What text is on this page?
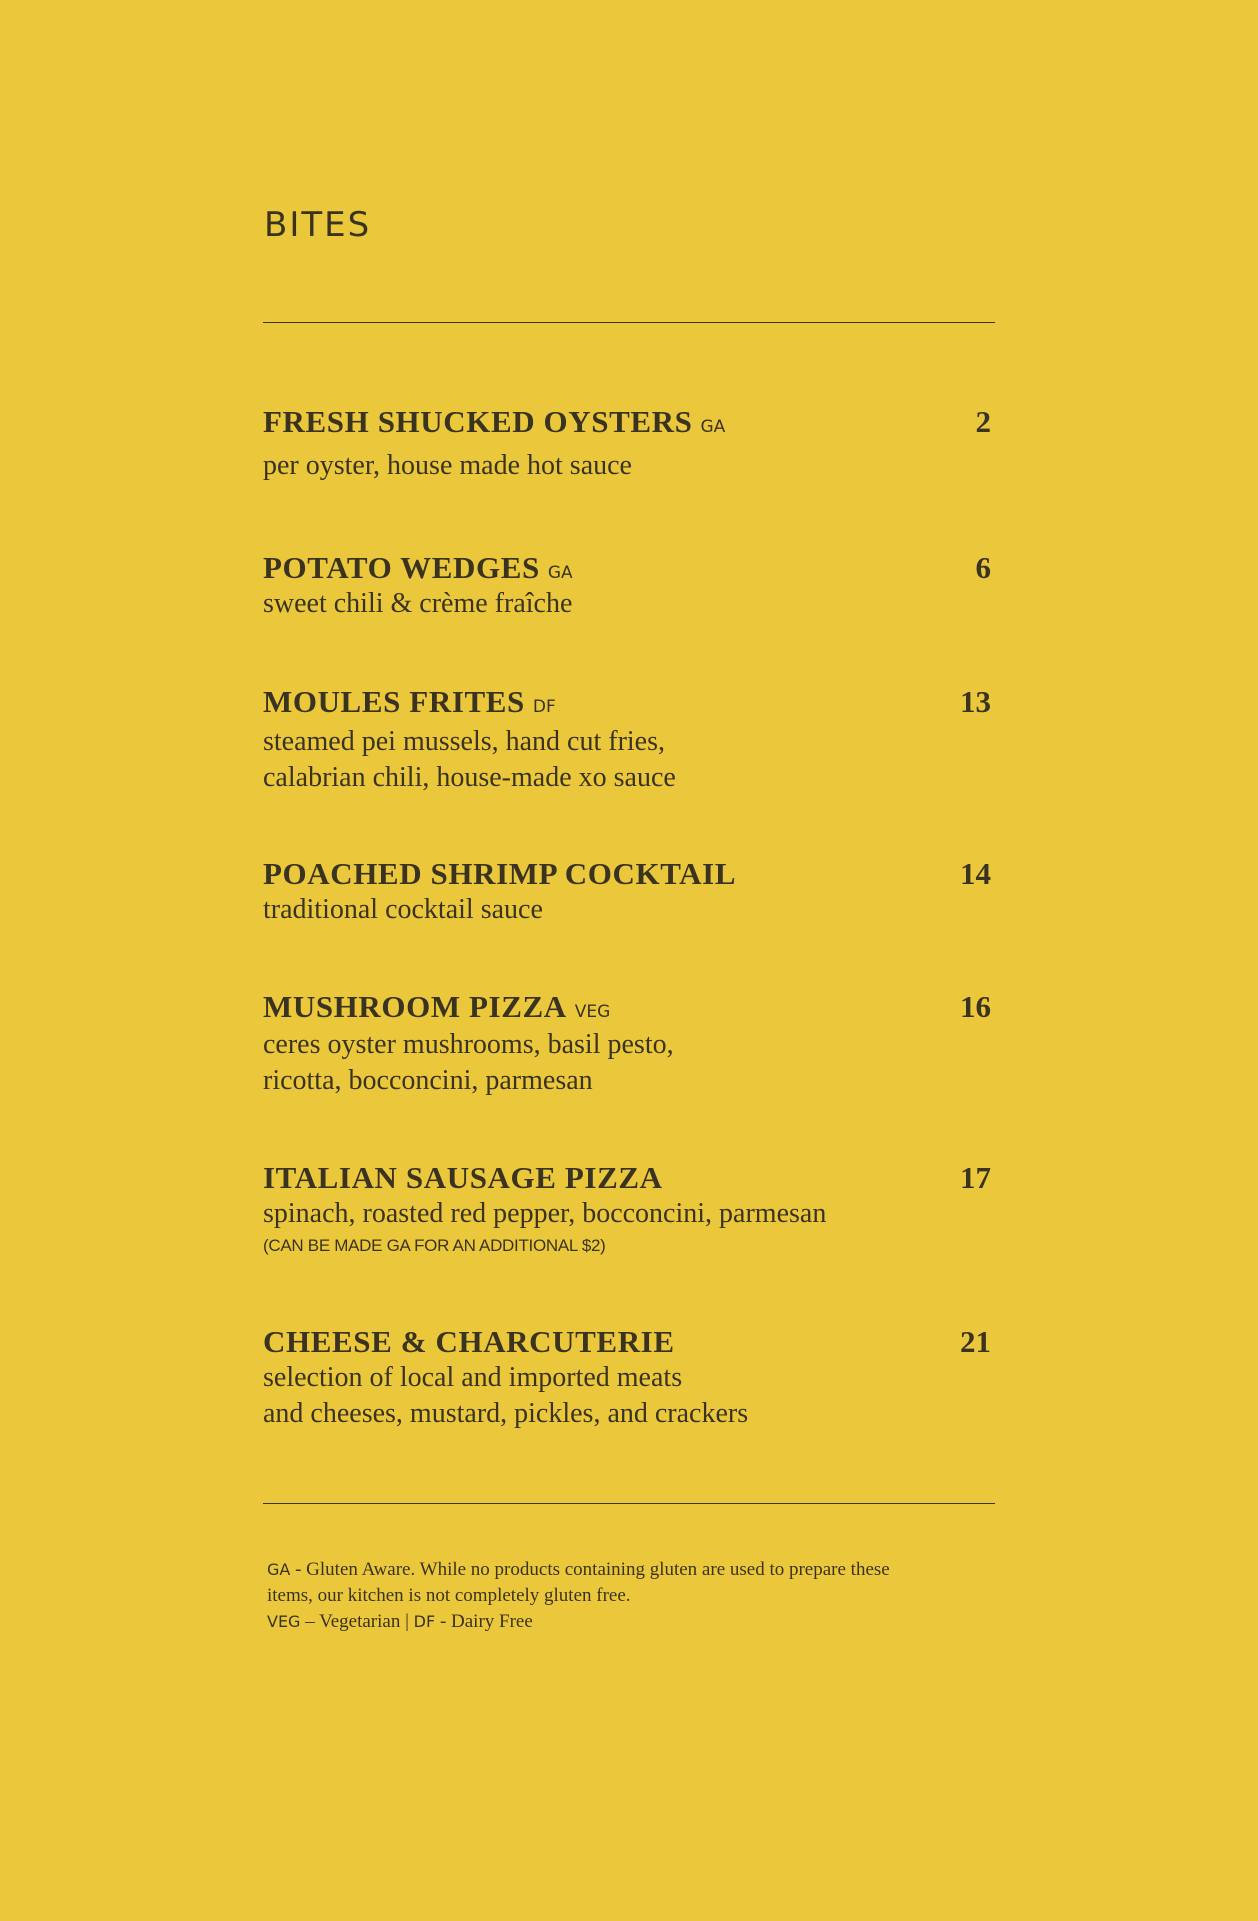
BITES
FRESH SHUCKED OYSTERS GA	2

per oyster, house made hot sauce

POTATO WEDGES GA	6

sweet chili & crème fraîche

MOULES FRITES DF	13

steamed pei mussels, hand cut fries,

calabrian chili, house-made xo sauce

POACHED SHRIMP COCKTAIL	14

traditional cocktail sauce

MUSHROOM PIZZA VEG	16

ceres oyster mushrooms, basil pesto,

ricotta, bocconcini, parmesan

ITALIAN SAUSAGE PIZZA	17

spinach, roasted red pepper, bocconcini, parmesan

(CAN BE MADE GA FOR AN ADDITIONAL $2)
CHEESE & CHARCUTERIE	21

selection of local and imported meats

and cheeses, mustard, pickles, and crackers

GA - Gluten Aware. While no products containing gluten are used to prepare these
items, our kitchen is not completely gluten free.
VEG – Vegetarian | DF - Dairy Free
